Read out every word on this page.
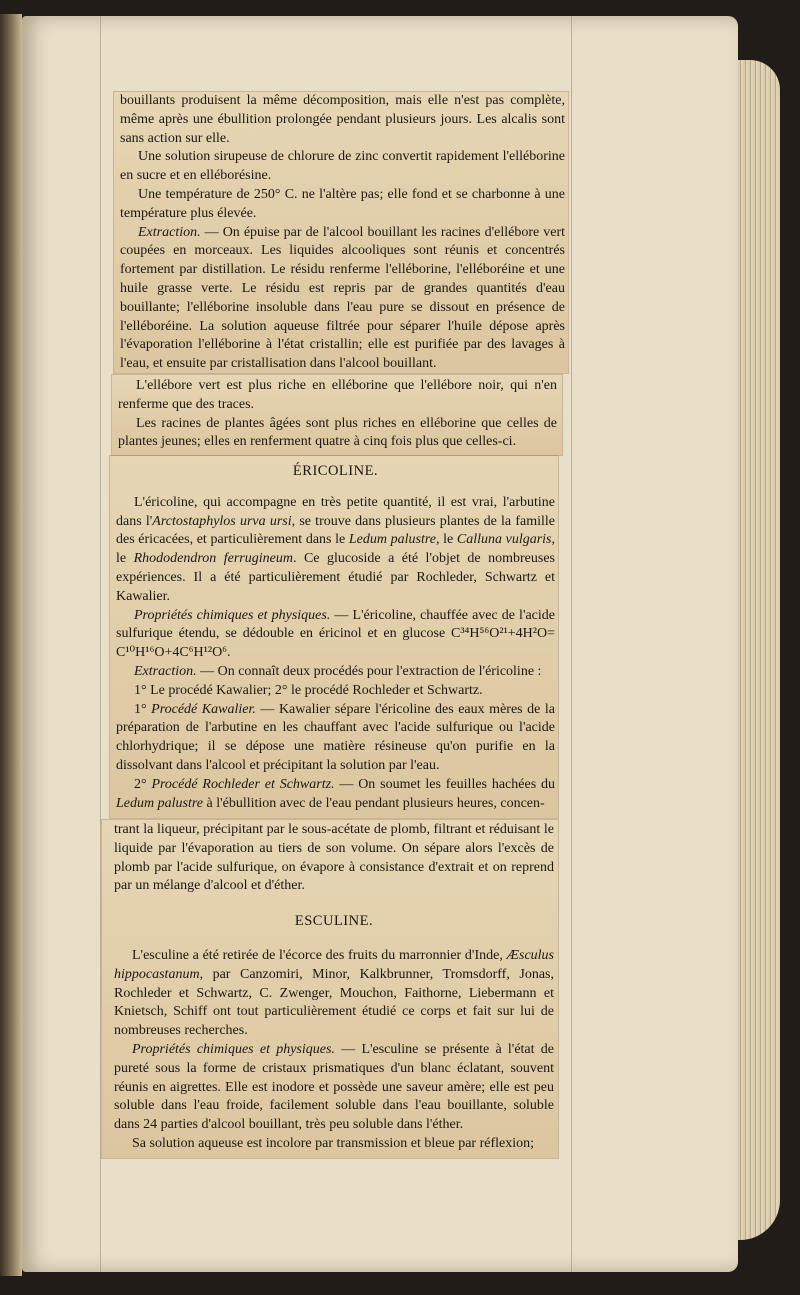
bouillants produisent la même décomposition, mais elle n'est pas complète,

même après une ébullition prolongée pendant plusieurs jours. Les alcalis sont

sans action sur elle.

Une solution sirupeuse de chlorure de zinc convertit rapidement l'elléborine en sucre et en elléborésine.

Une température de 250° C. ne l'altère pas; elle fond et se charbonne à une température plus élevée.

Extraction. — On épuise par de l'alcool bouillant les racines d'ellébore vert coupées en morceaux. Les liquides alcooliques sont réunis et concentrés fortement par distillation. Le résidu renferme l'elléborine, l'elléboréine et une huile grasse verte. Le résidu est repris par de grandes quantités d'eau bouillante; l'elléborine insoluble dans l'eau pure se dissout en présence de l'elléboréine. La solution aqueuse filtrée pour séparer l'huile dépose après l'évaporation l'elléborine à l'état cristallin; elle est purifiée par des lavages à l'eau, et ensuite par cristallisation dans l'alcool bouillant.

L'ellébore vert est plus riche en elléborine que l'ellébore noir, qui n'en renferme que des traces.

Les racines de plantes âgées sont plus riches en elléborine que celles de plantes jeunes; elles en renferment quatre à cinq fois plus que celles-ci.

ÉRICOLINE.

L'éricoline, qui accompagne en très petite quantité, il est vrai, l'arbutine dans l'Arctostaphylos urva ursi, se trouve dans plusieurs plantes de la famille des éricacées, et particulièrement dans le Ledum palustre, le Calluna vulgaris, le Rhododendron ferrugineum. Ce glucoside a été l'objet de nombreuses expériences. Il a été particulièrement étudié par Rochleder, Schwartz et Kawalier.

Propriétés chimiques et physiques. — L'éricoline, chauffée avec de l'acide sulfurique étendu, se dédouble en éricinol et en glucose C³⁴H⁵⁶O²¹+4H²O= C¹⁰H¹⁶O+4C⁶H¹²O⁶.

Extraction. — On connaît deux procédés pour l'extraction de l'éricoline :

1° Le procédé Kawalier; 2° le procédé Rochleder et Schwartz.

1° Procédé Kawalier. — Kawalier sépare l'éricoline des eaux mères de la préparation de l'arbutine en les chauffant avec l'acide sulfurique ou l'acide chlorhydrique; il se dépose une matière résineuse qu'on purifie en la dissolvant dans l'alcool et précipitant la solution par l'eau.

2° Procédé Rochleder et Schwartz. — On soumet les feuilles hachées du Ledum palustre à l'ébullition avec de l'eau pendant plusieurs heures, concen-

trant la liqueur, précipitant par le sous-acétate de plomb, filtrant et réduisant le liquide par l'évaporation au tiers de son volume. On sépare alors l'excès de plomb par l'acide sulfurique, on évapore à consistance d'extrait et on reprend par un mélange d'alcool et d'éther.

ESCULINE.

L'esculine a été retirée de l'écorce des fruits du marronnier d'Inde, Æsculus hippocastanum, par Canzomiri, Minor, Kalkbrunner, Tromsdorff, Jonas, Rochleder et Schwartz, C. Zwenger, Mouchon, Faithorne, Liebermann et Knietsch, Schiff ont tout particulièrement étudié ce corps et fait sur lui de nombreuses recherches.

Propriétés chimiques et physiques. — L'esculine se présente à l'état de pureté sous la forme de cristaux prismatiques d'un blanc éclatant, souvent réunis en aigrettes. Elle est inodore et possède une saveur amère; elle est peu soluble dans l'eau froide, facilement soluble dans l'eau bouillante, soluble dans 24 parties d'alcool bouillant, très peu soluble dans l'éther.

Sa solution aqueuse est incolore par transmission et bleue par réflexion;
